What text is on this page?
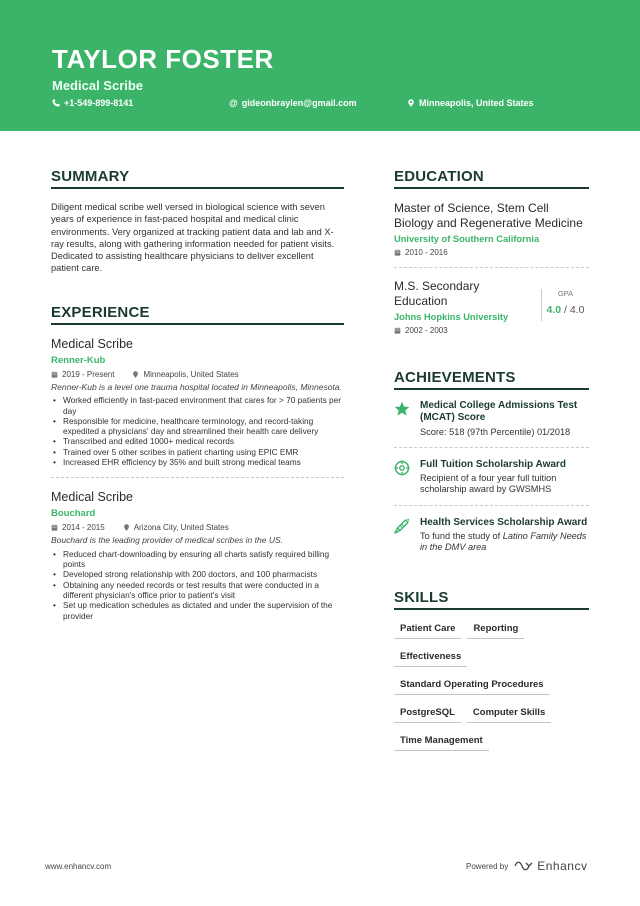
TAYLOR FOSTER
Medical Scribe
+1-549-899-8141	@ gideonbraylen@gmail.com	Minneapolis, United States
SUMMARY
Diligent medical scribe well versed in biological science with seven years of experience in fast-paced hospital and medical clinic environments. Very organized at tracking patient data and lab and X-ray results, along with gathering information needed for patient visits. Dedicated to assisting healthcare physicians to deliver excellent patient care.
EXPERIENCE
Medical Scribe
Renner-Kub
2019 - Present	Minneapolis, United States
Renner-Kub is a level one trauma hospital located in Minneapolis, Minnesota.
• Worked efficiently in fast-paced environment that cares for > 70 patients per day
• Responsible for medicine, healthcare terminology, and record-taking expedited a physicians' day and streamlined their health care delivery
• Transcribed and edited 1000+ medical records
• Trained over 5 other scribes in patient charting using EPIC EMR
• Increased EHR efficiency by 35% and built strong medical teams
Medical Scribe
Bouchard
2014 - 2015	Arizona City, United States
Bouchard is the leading provider of medical scribes in the US.
• Reduced chart-downloading by ensuring all charts satisfy required billing points
• Developed strong relationship with 200 doctors, and 100 pharmacists
• Obtaining any needed records or test results that were conducted in a different physician's office prior to patient's visit
• Set up medication schedules as dictated and under the supervision of the provider
EDUCATION
Master of Science, Stem Cell Biology and Regenerative Medicine
University of Southern California
2010 - 2016
M.S. Secondary Education
Johns Hopkins University
2002 - 2003
GPA
4.0 / 4.0
ACHIEVEMENTS
Medical College Admissions Test (MCAT) Score
Score: 518 (97th Percentile) 01/2018
Full Tuition Scholarship Award
Recipient of a four year full tuition scholarship award by GWSMHS
Health Services Scholarship Award
To fund the study of Latino Family Needs in the DMV area
SKILLS
Patient Care	Reporting
Effectiveness
Standard Operating Procedures
PostgreSQL	Computer Skills
Time Management
www.enhancv.com	Powered by Enhancv
